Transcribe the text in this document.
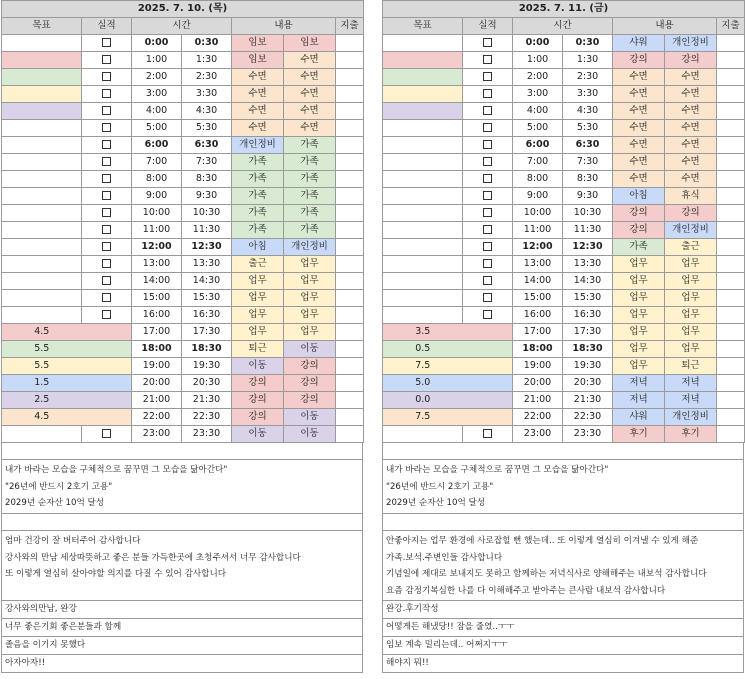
2025. 7. 10. (목)						
목표	실적	시간		내용		지출
		0:00	0:30	임보	임보	
		1:00	1:30	임보	수면	
		2:00	2:30	수면	수면	
		3:00	3:30	수면	수면	
		4:00	4:30	수면	수면	
		5:00	5:30	수면	수면	
		6:00	6:30	개인정비	가족	
		7:00	7:30	가족	가족	
		8:00	8:30	가족	가족	
		9:00	9:30	가족	가족	
		10:00	10:30	가족	가족	
		11:00	11:30	가족	가족	
		12:00	12:30	아침	개인정비	
		13:00	13:30	출근	업무	
		14:00	14:30	업무	업무	
		15:00	15:30	업무	업무	
		16:00	16:30	업무	업무	
4.5		17:00	17:30	업무	업무	
5.5		18:00	18:30	퇴근	이동	
5.5		19:00	19:30	이동	강의	
1.5		20:00	20:30	강의	강의	
2.5		21:00	21:30	강의	강의	
4.5		22:00	22:30	강의	이동	
		23:00	23:30	이동	이동	

내가 바라는 모습을 구체적으로 꿈꾸면 그 모습을 닮아간다"

"26년에 반드시 2호기 고용"

2029년 순자산 10억 달성

엄마 건강이 잘 버터주어 감사합니다

강사와의 만남 세상따뜻하고 좋은 분들 가득한곳에 초청주셔서 너무 감사합니다

또 이렇게 열심히 살아야할 의지를 다질 수 있어 감사합니다

강사와의만남, 완강

너무 좋은기회 좋은분들과 함께

졸음을 이기지 못했다

아자아자!!

2025. 7. 11. (금)						
목표	실적	시간		내용		지출
		0:00	0:30	샤워	개인정비	
		1:00	1:30	강의	강의	
		2:00	2:30	수면	수면	
		3:00	3:30	수면	수면	
		4:00	4:30	수면	수면	
		5:00	5:30	수면	수면	
		6:00	6:30	수면	수면	
		7:00	7:30	수면	수면	
		8:00	8:30	수면	수면	
		9:00	9:30	아침	휴식	
		10:00	10:30	강의	강의	
		11:00	11:30	강의	개인정비	
		12:00	12:30	가족	출근	
		13:00	13:30	업무	업무	
		14:00	14:30	업무	업무	
		15:00	15:30	업무	업무	
		16:00	16:30	업무	업무	
3.5		17:00	17:30	업무	업무	
0.5		18:00	18:30	업무	업무	
7.5		19:00	19:30	업무	퇴근	
5.0		20:00	20:30	저녁	저녁	
0.0		21:00	21:30	저녁	저녁	
7.5		22:00	22:30	샤워	개인정비	
		23:00	23:30	후기	후기	

내가 바라는 모습을 구체적으로 꿈꾸면 그 모습을 닮아간다"

"26년에 반드시 2호기 고용"

2029년 순자산 10억 달성

안좋아지는 업무 환경에 사로잡힐 뻔 했는데.. 또 이렇게 열심히 이겨낼 수 있게 해준

가족.보석.주변인들 감사합니다

기념일에 제대로 보내지도 못하고 함께하는 저녁식사로 양해해주는 내보석 감사합니다

요즘 감정기복심한 나를 다 이해해주고 받아주는 큰사람 내보석 감사합니다

완강.후기작성

어떻게든 해냈당!! 잠을 줄였..ㅜㅜ

임보 계속 밀리는데.. 어쩌지ㅜㅜ

해야지 뭐!!
